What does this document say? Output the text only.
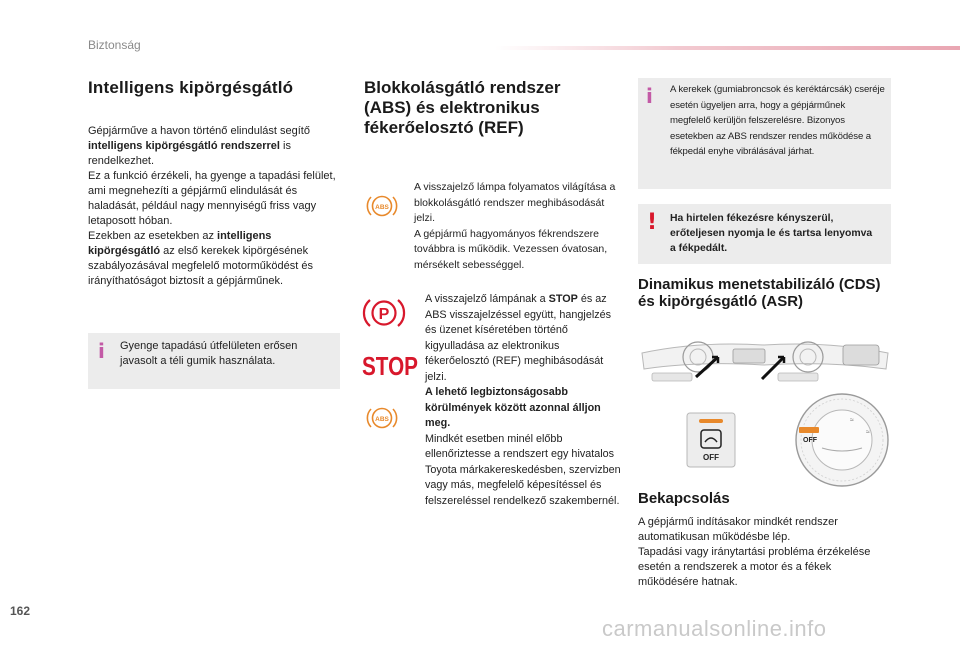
Biztonság
Intelligens kipörgésgátló
Gépjárműve a havon történő elindulást segítő intelligens kipörgésgátló rendszerrel is rendelkezhet.
Ez a funkció érzékeli, ha gyenge a tapadási felület, ami megnehezíti a gépjármű elindulását és haladását, például nagy mennyiségű friss vagy letaposott hóban.
Ezekben az esetekben az intelligens kipörgésgátló az első kerekek kipörgésének szabályozásával megfelelő motorműködést és irányíthatóságot biztosít a gépjárműnek.
i Gyenge tapadású útfelületen erősen javasolt a téli gumik használata.
Blokkolásgátló rendszer (ABS) és elektronikus fékerőelosztó (REF)
ABS
A visszajelző lámpa folyamatos világítása a blokkolásgátló rendszer meghibásodását jelzi.
A gépjármű hagyományos fékrendszere továbbra is működik. Vezessen óvatosan, mérsékelt sebességgel.
P
STOP
ABS
A visszajelző lámpának a STOP és az ABS visszajelzéssel együtt, hangjelzés és üzenet kíséretében történő kigyulladása az elektronikus fékerőelosztó (REF) meghibásodását jelzi.
A lehető legbiztonságosabb körülmények között azonnal álljon meg.
Mindkét esetben minél előbb ellenőriztesse a rendszert egy hivatalos Toyota márkakereskedésben, szervizben vagy más, megfelelő képesítéssel és felszereléssel rendelkező szakembernél.
i A kerekek (gumiabroncsok és keréktárcsák) cseréje esetén ügyeljen arra, hogy a gépjárműnek megfelelő kerüljön felszerelésre. Bizonyos esetekben az ABS rendszer rendes működése a fékpedál enyhe vibrálásával járhat.
! Ha hirtelen fékezésre kényszerül, erőteljesen nyomja le és tartsa lenyomva a fékpedált.
Dinamikus menetstabilizáló (CDS) és kipörgésgátló (ASR)
OFF
OFF
≈
≈
Bekapcsolás
A gépjármű indításakor mindkét rendszer automatikusan működésbe lép.
Tapadási vagy iránytartási probléma érzékelése esetén a rendszerek a motor és a fékek működésére hatnak.
162
carmanualsonline.info
